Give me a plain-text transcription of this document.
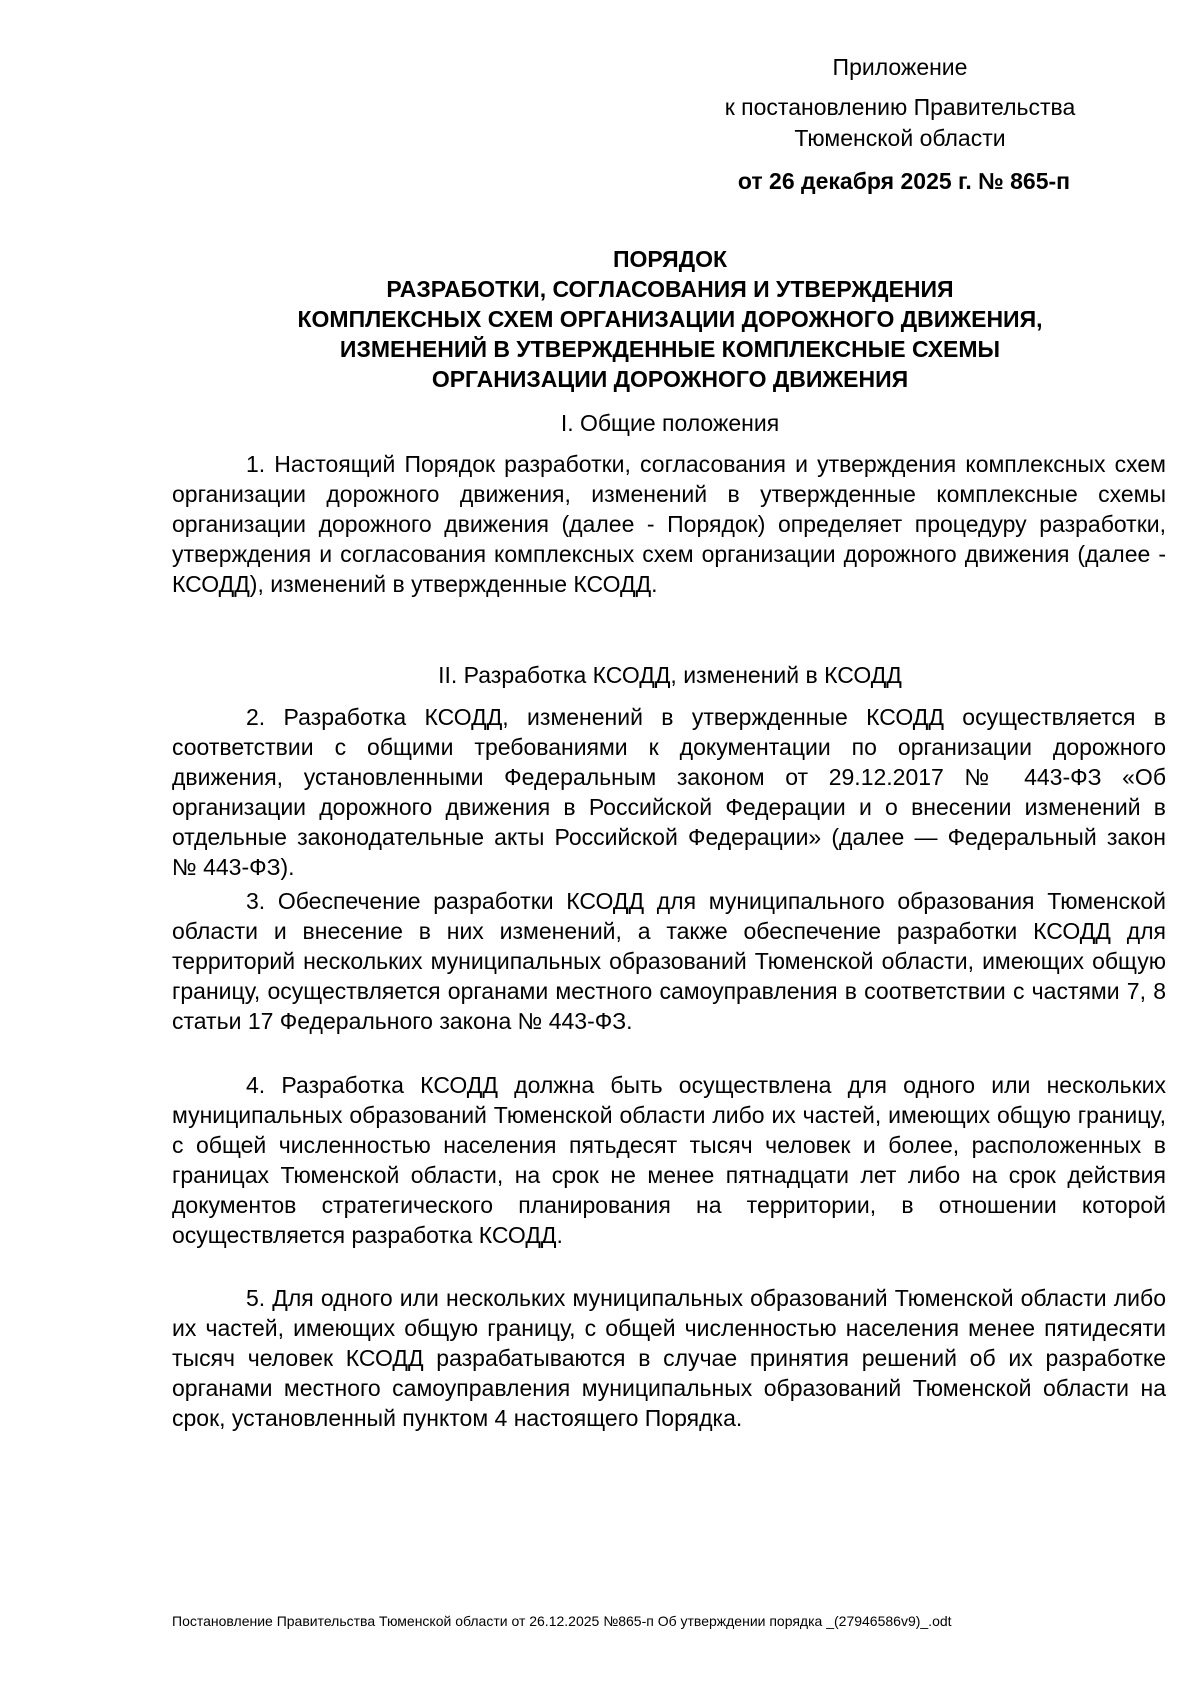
Приложение
к постановлению Правительства
Тюменской области
от 26 декабря 2025 г. № 865-п
ПОРЯДОК
РАЗРАБОТКИ, СОГЛАСОВАНИЯ И УТВЕРЖДЕНИЯ
КОМПЛЕКСНЫХ СХЕМ ОРГАНИЗАЦИИ ДОРОЖНОГО ДВИЖЕНИЯ,
ИЗМЕНЕНИЙ В УТВЕРЖДЕННЫЕ КОМПЛЕКСНЫЕ СХЕМЫ
ОРГАНИЗАЦИИ ДОРОЖНОГО ДВИЖЕНИЯ
I. Общие положения

1. Настоящий Порядок разработки, согласования и утверждения комплексных схем организации дорожного движения, изменений в утвержденные комплексные схемы организации дорожного движения (далее - Порядок) определяет процедуру разработки, утверждения и согласования комплексных схем организации дорожного движения (далее - КСОДД), изменений в утвержденные КСОДД.

II. Разработка КСОДД, изменений в КСОДД

2. Разработка КСОДД, изменений в утвержденные КСОДД осуществляется в соответствии с общими требованиями к документации по организации дорожного движения, установленными Федеральным законом от 29.12.2017 № 443-ФЗ «Об организации дорожного движения в Российской Федерации и о внесении изменений в отдельные законодательные акты Российской Федерации» (далее — Федеральный закон № 443-ФЗ).

3. Обеспечение разработки КСОДД для муниципального образования Тюменской области и внесение в них изменений, а также обеспечение разработки КСОДД для территорий нескольких муниципальных образований Тюменской области, имеющих общую границу, осуществляется органами местного самоуправления в соответствии с частями 7, 8 статьи 17 Федерального закона № 443-ФЗ.

4. Разработка КСОДД должна быть осуществлена для одного или нескольких муниципальных образований Тюменской области либо их частей, имеющих общую границу, с общей численностью населения пятьдесят тысяч человек и более, расположенных в границах Тюменской области, на срок не менее пятнадцати лет либо на срок действия документов стратегического планирования на территории, в отношении которой осуществляется разработка КСОДД.

5. Для одного или нескольких муниципальных образований Тюменской области либо их частей, имеющих общую границу, с общей численностью населения менее пятидесяти тысяч человек КСОДД разрабатываются в случае принятия решений об их разработке органами местного самоуправления муниципальных образований Тюменской области на срок, установленный пунктом 4 настоящего Порядка.

Постановление Правительства Тюменской области от 26.12.2025 №865-п Об утверждении порядка _(27946586v9)_.odt
